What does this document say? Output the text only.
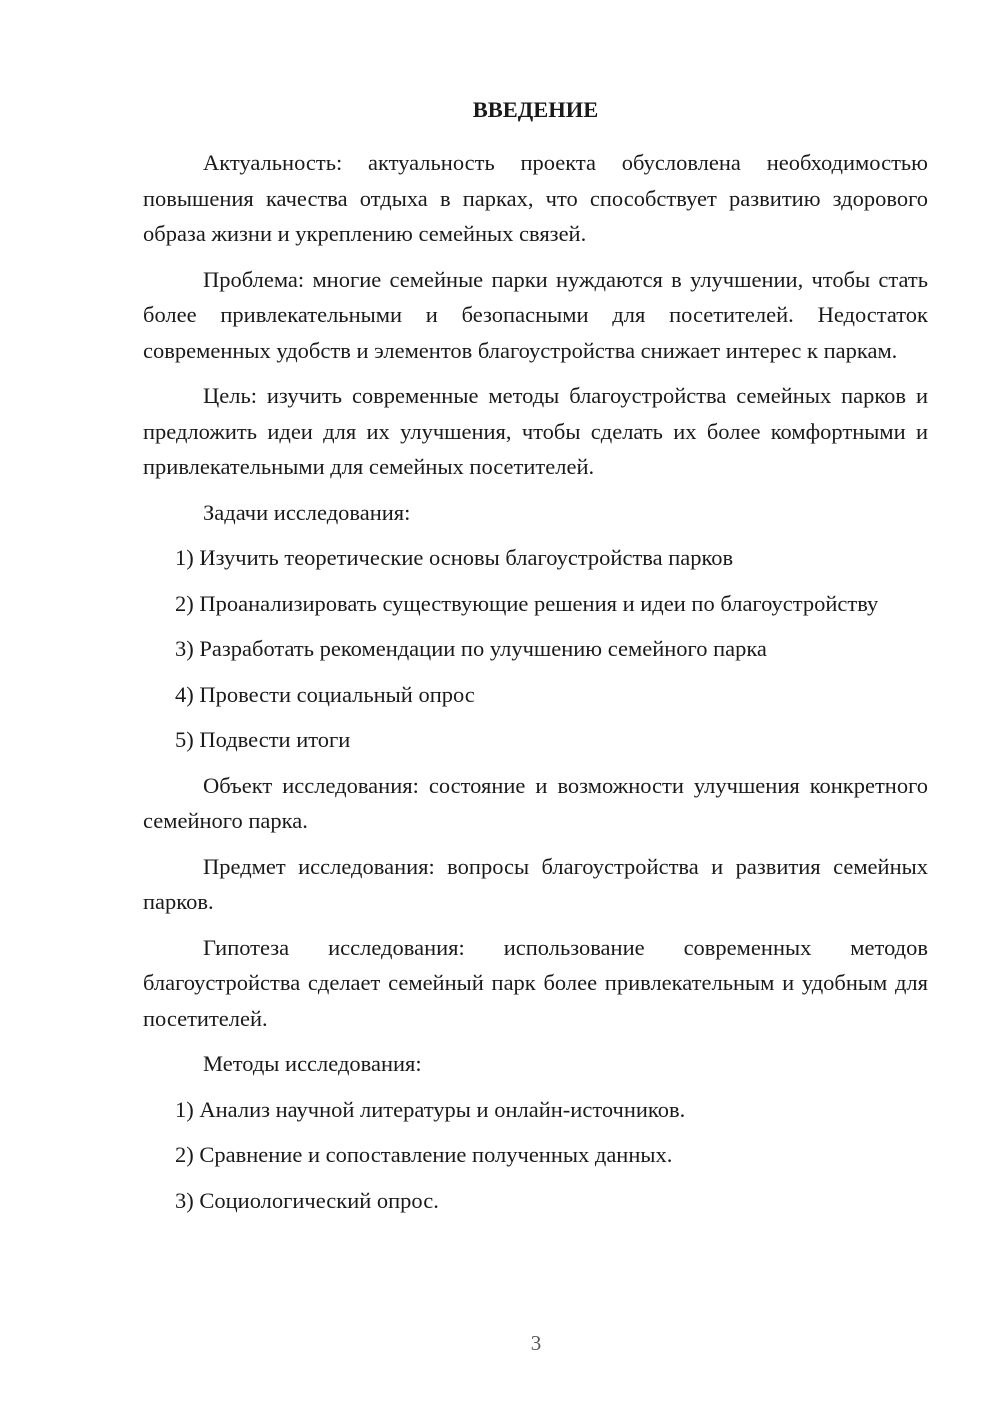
ВВЕДЕНИЕ

Актуальность: актуальность проекта обусловлена необходимостью повышения качества отдыха в парках, что способствует развитию здорового образа жизни и укреплению семейных связей.

Проблема: многие семейные парки нуждаются в улучшении, чтобы стать более привлекательными и безопасными для посетителей. Недостаток современных удобств и элементов благоустройства снижает интерес к паркам.

Цель: изучить современные методы благоустройства семейных парков и предложить идеи для их улучшения, чтобы сделать их более комфортными и привлекательными для семейных посетителей.

Задачи исследования:

1) Изучить теоретические основы благоустройства парков

2) Проанализировать существующие решения и идеи по благоустройству

3) Разработать рекомендации по улучшению семейного парка

4) Провести социальный опрос

5) Подвести итоги

Объект исследования: состояние и возможности улучшения конкретного семейного парка.

Предмет исследования: вопросы благоустройства и развития семейных парков.

Гипотеза исследования: использование современных методов благоустройства сделает семейный парк более привлекательным и удобным для посетителей.

Методы исследования:

1) Анализ научной литературы и онлайн-источников.

2) Сравнение и сопоставление полученных данных.

3) Социологический опрос.

3
